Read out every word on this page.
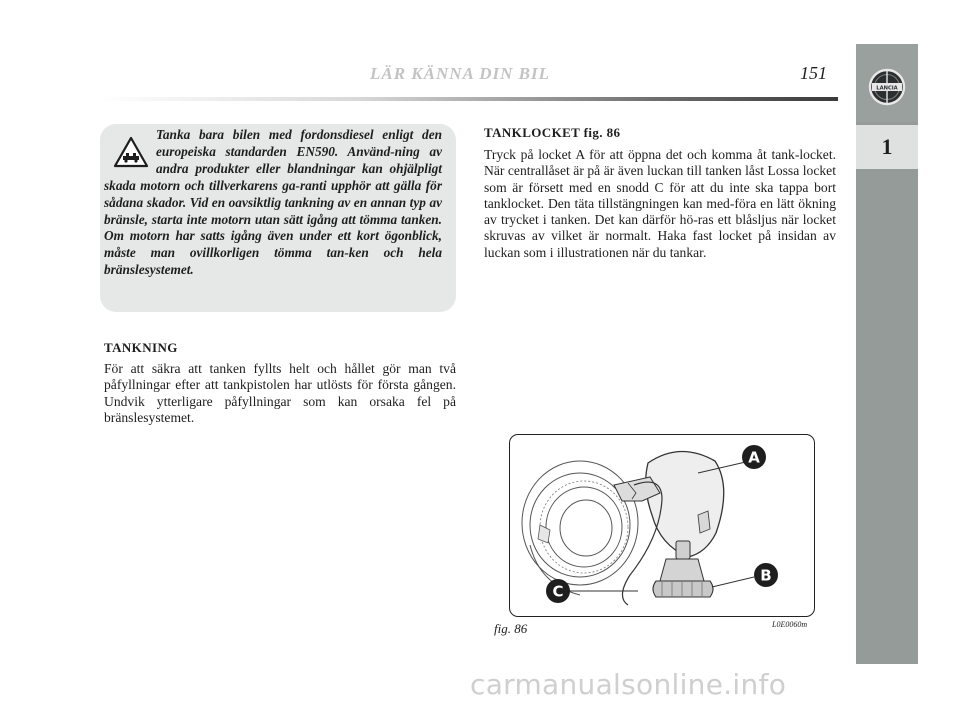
LÄR KÄNNA DIN BIL	151
LANCIA
1
Tanka bara bilen med fordonsdiesel enligt den europeiska standarden EN590. Använd-ning av andra produkter eller blandningar kan ohjälpligt skada motorn och tillverkarens ga-ranti upphör att gälla för sådana skador. Vid en oavsiktlig tankning av en annan typ av bränsle, starta inte motorn utan sätt igång att tömma tanken. Om motorn har satts igång även under ett kort ögonblick, måste man ovillkorligen tömma tan-ken och hela bränslesystemet.
TANKNING
För att säkra att tanken fyllts helt och hållet gör man två påfyllningar efter att tankpistolen har utlösts för första gången. Undvik ytterligare påfyllningar som kan orsaka fel på bränslesystemet.
TANKLOCKET fig. 86
Tryck på locket A för att öppna det och komma åt tank-locket. När centrallåset är på är även luckan till tanken låst Lossa locket som är försett med en snodd C för att du inte ska tappa bort tanklocket. Den täta tillstängningen kan med-föra en lätt ökning av trycket i tanken. Det kan därför hö-ras ett blåsljus när locket skruvas av vilket är normalt. Haka fast locket på insidan av luckan som i illustrationen när du tankar.
A
B
C
fig. 86	L0E0060m
carmanualsonline.info
